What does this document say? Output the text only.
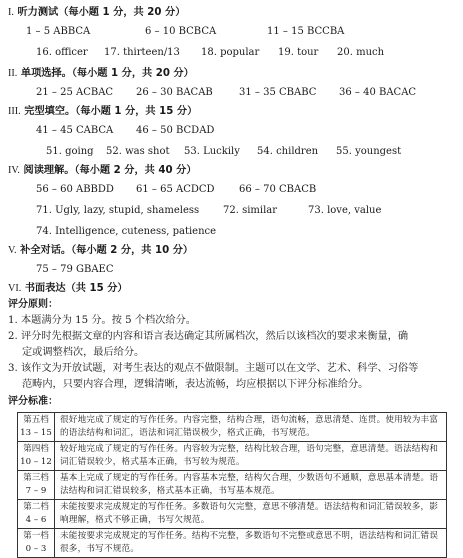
I. 听力测试（每小题 1 分，共 20 分）
1 – 5 ABBCA	6 – 10 BCBCA	11 – 15 BCCBA
16. officer 17. thirteen/13 18. popular 19. tour 20. much
II. 单项选择。（每小题 1 分，共 20 分）
21 – 25 ACBAC 26 – 30 BACAB	31 – 35 CBABC 36 – 40 BACAC
III. 完型填空。（每小题 1 分，共 15 分）
41 – 45 CABCA 46 – 50 BCDAD
51. going 52. was shot 53. Luckily 54. children 55. youngest
IV. 阅读理解。（每小题 2 分，共 40 分）
56 – 60 ABBDD 61 – 65 ACDCD 66 – 70 CBACB
71. Ugly, lazy, stupid, shameless 72. similar	73. love, value
74. Intelligence, cuteness, patience
V. 补全对话。（每小题 2 分，共 10 分）
75 – 79 GBAEC
VI. 书面表达（共 15 分）
评分原则：
1. 本题满分为 15 分。按 5 个档次给分。
2. 评分时先根据文章的内容和语言表达确定其所属档次，然后以该档次的要求来衡量，确
定或调整档次，最后给分。
第五档
13 – 15	很好地完成了规定的写作任务。内容完整，结构合理，语句流畅，意思清楚、连贯。使用较为丰富的语法结构和词汇，语法和词汇错误极少，格式正确，书写规范。

第四档
10 – 12	较好地完成了规定的写作任务。内容较为完整，结构比较合理，语句完整，意思清楚。语法结构和词汇错误较少，格式基本正确，书写较为规范。

第三档
7 – 9	基本上完成了规定的写作任务。内容基本完整，结构欠合理，少数语句不通顺，意思基本清楚。语法结构和词汇错误较多，格式基本正确，书写基本规范。

第二档
4 – 6	未能按要求完成规定的写作任务。多数语句欠完整，意思不够清楚。语法结构和词汇错误较多，影响理解，格式不够正确，书写欠规范。

第一档
0 – 3	未能按要求完成规定的写作任务。结构不完整，多数语句不完整或意思不明，语法结构和词汇错误很多，书写不规范。
3. 该作文为开放试题，对考生表达的观点不做限制。主题可以在文学、艺术、科学、习俗等
范畴内，只要内容合理，逻辑清晰，表达流畅，均应根据以下评分标准给分。
评分标准：
